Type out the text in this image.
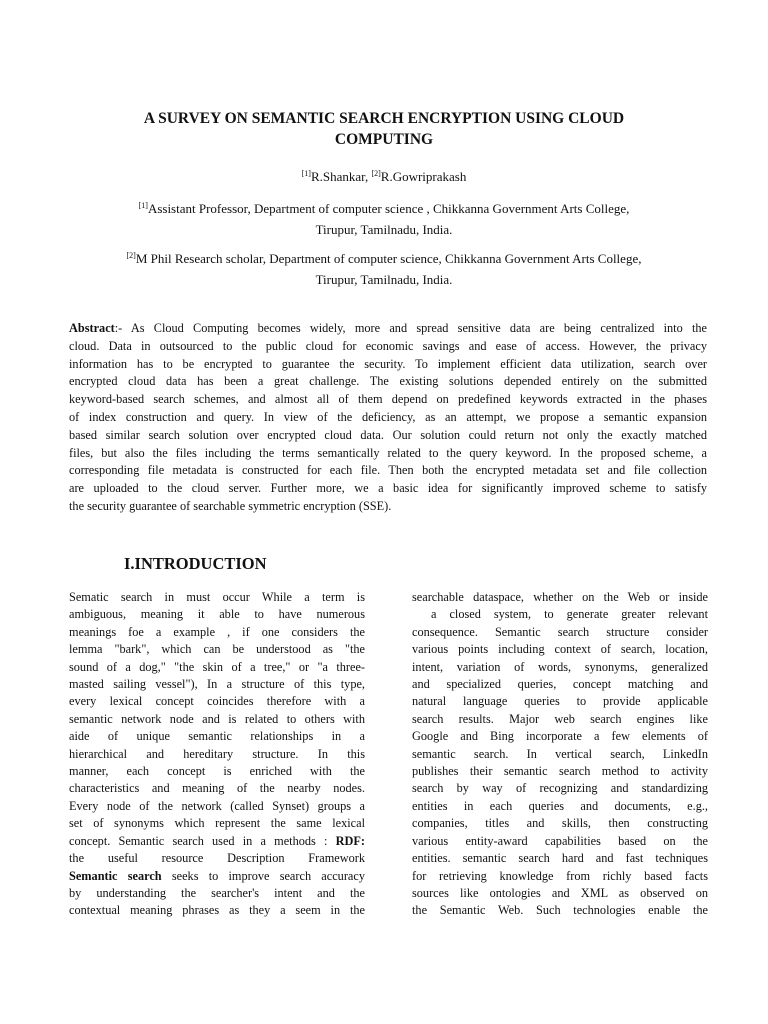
A SURVEY ON SEMANTIC SEARCH ENCRYPTION USING CLOUD
COMPUTING
[1]R.Shankar, [2]R.Gowriprakash
[1]Assistant Professor, Department of computer science , Chikkanna Government Arts College,
Tirupur, Tamilnadu, India.
[2]M Phil Research scholar, Department of computer science, Chikkanna Government Arts College,
Tirupur, Tamilnadu, India.
Abstract:- As Cloud Computing becomes widely, more and spread sensitive data are being centralized into the
cloud. Data in outsourced to the public cloud for economic savings and ease of access. However, the privacy
information has to be encrypted to guarantee the security. To implement efficient data utilization, search over
encrypted cloud data has been a great challenge. The existing solutions depended entirely on the submitted
keyword-based search schemes, and almost all of them depend on predefined keywords extracted in the phases
of index construction and query. In view of the deficiency, as an attempt, we propose a semantic expansion
based similar search solution over encrypted cloud data. Our solution could return not only the exactly matched
files, but also the files including the terms semantically related to the query keyword. In the proposed scheme, a
corresponding file metadata is constructed for each file. Then both the encrypted metadata set and file collection
are uploaded to the cloud server. Further more, we a basic idea for significantly improved scheme to satisfy
the security guarantee of searchable symmetric encryption (SSE).
I.INTRODUCTION
Sematic search in must occur While a term is
ambiguous, meaning it able to have numerous
meanings foe a example , if one considers the
lemma "bark", which can be understood as "the
sound of a dog," "the skin of a tree," or "a three-
masted sailing vessel"), In a structure of this type,
every lexical concept coincides therefore with a
semantic network node and is related to others with
aide of unique semantic relationships in a
hierarchical and hereditary structure. In this
manner, each concept is enriched with the
characteristics and meaning of the nearby nodes.
Every node of the network (called Synset) groups a
set of synonyms which represent the same lexical
concept. Semantic search used in a methods : RDF:
the useful resource Description Framework
Semantic search seeks to improve search accuracy
by understanding the searcher's intent and the
contextual meaning phrases as they a seem in the
searchable dataspace, whether on the Web or inside
a closed system, to generate greater relevant
consequence. Semantic search structure consider
various points including context of search, location,
intent, variation of words, synonyms, generalized
and specialized queries, concept matching and
natural language queries to provide applicable
search results. Major web search engines like
Google and Bing incorporate a few elements of
semantic search. In vertical search, LinkedIn
publishes their semantic search method to activity
search by way of recognizing and standardizing
entities in each queries and documents, e.g.,
companies, titles and skills, then constructing
various entity-award capabilities based on the
entities. semantic search hard and fast techniques
for retrieving knowledge from richly based facts
sources like ontologies and XML as observed on
the Semantic Web. Such technologies enable the
